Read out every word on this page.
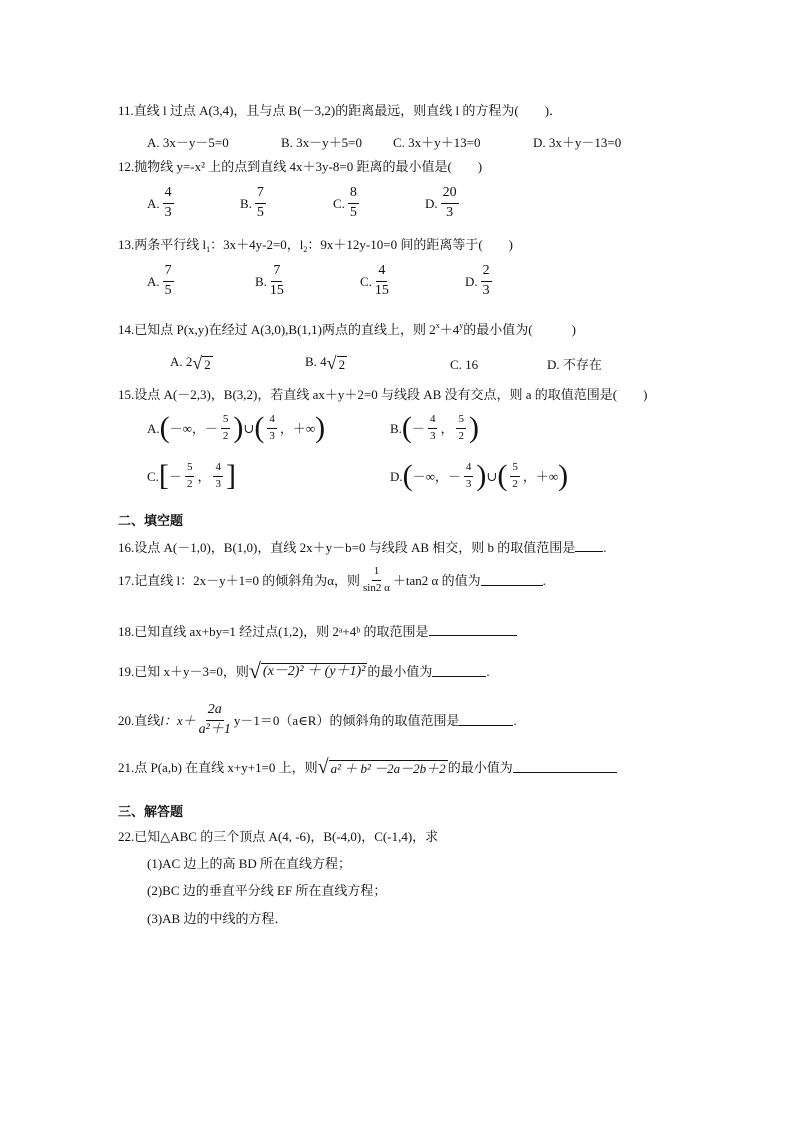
11.直线 l 过点 A(3,4)，且与点 B(－3,2)的距离最远，则直线 l 的方程为(　　)．
A. 3x－y－5=0	B. 3x－y＋5=0 C. 3x＋y＋13=0	D. 3x＋y－13=0
12.抛物线 y=-x² 上的点到直线 4x＋3y-8=0 距离的最小值是(　　)
A. $\frac{4}{3}$	B. $\frac{7}{5}$	C. $\frac{8}{5}$	D. $\frac{20}{3}$
13.两条平行线 $l_1$：3x＋4y-2=0，$l_2$：9x＋12y-10=0 间的距离等于(　　)
A. $\frac{7}{5}$	B. $\frac{7}{15}$	C. $\frac{4}{15}$	D. $\frac{2}{3}$
14.已知点 P(x,y)在经过 A(3,0),B(1,1)两点的直线上，则 $2^x+4^y$的最小值为(　　　)
A. 2√ 2	B. 4√ 2	C. 16	D. 不存在
15.设点 A(－2,3)，B(3,2)，若直线 ax＋y＋2=0 与线段 AB 没有交点，则 a 的取值范围是(　　)
A.(－∞，－ $\frac{5}{2}$ )∪( $\frac{4}{3}$ ，＋∞)	$B.(- \frac{4}{3}$ ， $\frac{5}{2}$ )
$C.[- \frac{5}{2}$ ， $\frac{4}{3}$ ]	D.(－∞，－ $\frac{4}{3}$ )∪( $\frac{5}{2}$ ，＋∞)
二、填空题
16.设点 A(－1,0)，B(1,0)，直线 2x＋y－b=0 与线段 AB 相交，则 b 的取值范围是 .
17.记直线 l：2x－y＋1=0 的倾斜角为α，则 $\frac{1}{\sin 2 \alpha} +\tan 2$ α 的值为	.
18.已知直线 ax+by=1 经过点(1,2)，则 2ᵃ+4ᵇ 的取范围是
19.已知 x＋y－3=0，则√ (x－2)² ＋ (y＋1)² 的最小值为	.
20.直线l：$x+ \frac{2a}{\text{a²＋1}}$ y－1＝0（a∈R）的倾斜角的取值范围是	.
21.点 P(a,b) 在直线 x+y+1=0 上，则√ a² ＋ b² －2a－2b＋2 的最小值为
三、解答题
22.已知△ABC 的三个顶点 A(4, -6)，B(-4,0)，C(-1,4)，求
(1)AC 边上的高 BD 所在直线方程；
(2)BC 边的垂直平分线 EF 所在直线方程；
(3)AB 边的中线的方程．
